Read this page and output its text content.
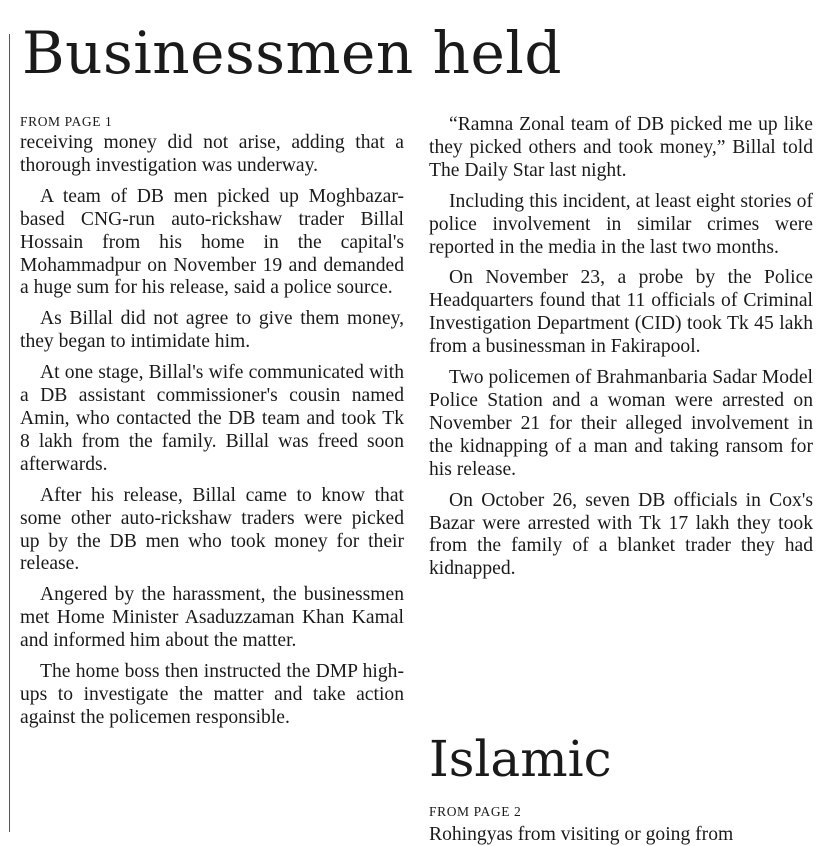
Businessmen held
FROM PAGE 1

receiving money did not arise, adding that a thorough investigation was underway.

A team of DB men picked up Moghbazar-based CNG-run auto-rickshaw trader Billal Hossain from his home in the capital's Mohammadpur on November 19 and demanded a huge sum for his release, said a police source.

As Billal did not agree to give them money, they began to intimidate him.

At one stage, Billal's wife communicated with a DB assistant commissioner's cousin named Amin, who contacted the DB team and took Tk 8 lakh from the family. Billal was freed soon afterwards.

After his release, Billal came to know that some other auto-rickshaw traders were picked up by the DB men who took money for their release.

Angered by the harassment, the businessmen met Home Minister Asaduzzaman Khan Kamal and informed him about the matter.

The home boss then instructed the DMP high-ups to investigate the matter and take action against the policemen responsible.

“Ramna Zonal team of DB picked me up like they picked others and took money,” Billal told The Daily Star last night.

Including this incident, at least eight stories of police involvement in similar crimes were reported in the media in the last two months.

On November 23, a probe by the Police Headquarters found that 11 officials of Criminal Investigation Department (CID) took Tk 45 lakh from a businessman in Fakirapool.

Two policemen of Brahmanbaria Sadar Model Police Station and a woman were arrested on November 21 for their alleged involvement in the kidnapping of a man and taking ransom for his release.

On October 26, seven DB officials in Cox's Bazar were arrested with Tk 17 lakh they took from the family of a blanket trader they had kidnapped.

Islamic
FROM PAGE 2
Rohingyas from visiting or going from
